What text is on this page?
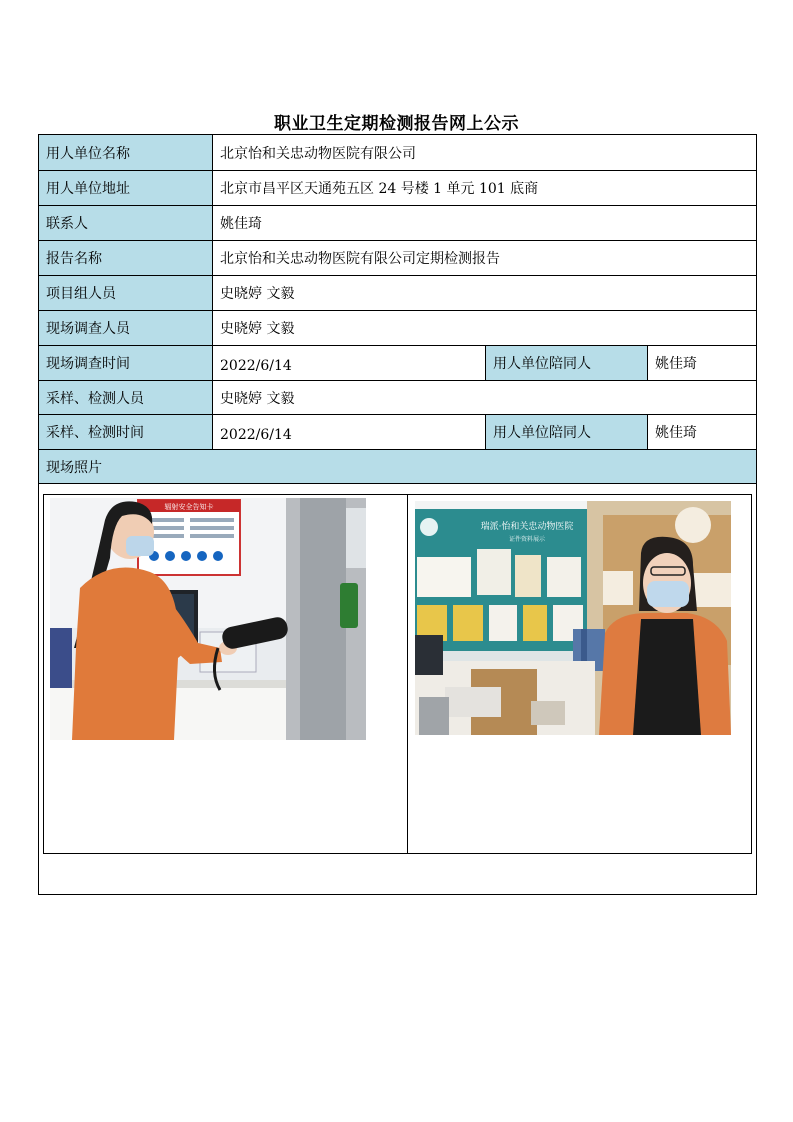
职业卫生定期检测报告网上公示
用人单位名称	北京怡和关忠动物医院有限公司
用人单位地址	北京市昌平区天通苑五区 24 号楼 1 单元 101 底商
联系人	姚佳琦
报告名称	北京怡和关忠动物医院有限公司定期检测报告
项目组人员	史晓婷 文毅
现场调查人员	史晓婷 文毅
现场调查时间	2022/6/14	用人单位陪同人	姚佳琦
采样、检测人员	史晓婷 文毅
采样、检测时间	2022/6/14	用人单位陪同人	姚佳琦
现场照片
辐射安全告知卡
瑞派·怡和关忠动物医院
证件资料展示
